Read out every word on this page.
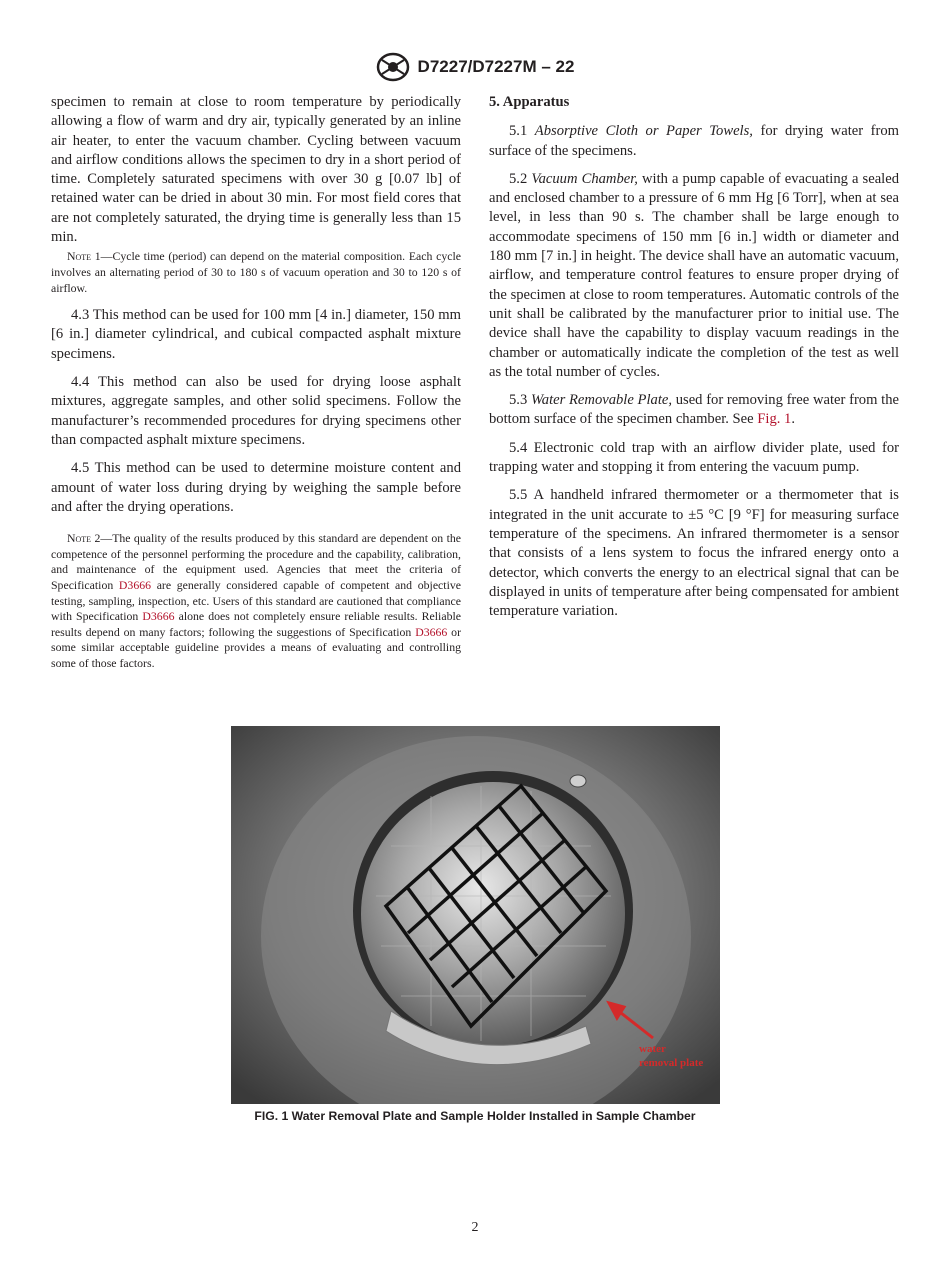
D7227/D7227M – 22

specimen to remain at close to room temperature by periodically allowing a flow of warm and dry air, typically generated by an inline air heater, to enter the vacuum chamber. Cycling between vacuum and airflow conditions allows the specimen to dry in a short period of time. Completely saturated specimens with over 30 g [0.07 lb] of retained water can be dried in about 30 min. For most field cores that are not completely saturated, the drying time is generally less than 15 min.

Note 1—Cycle time (period) can depend on the material composition. Each cycle involves an alternating period of 30 to 180 s of vacuum operation and 30 to 120 s of airflow.

4.3 This method can be used for 100 mm [4 in.] diameter, 150 mm [6 in.] diameter cylindrical, and cubical compacted asphalt mixture specimens.

4.4 This method can also be used for drying loose asphalt mixtures, aggregate samples, and other solid specimens. Follow the manufacturer’s recommended procedures for drying specimens other than compacted asphalt mixture specimens.

4.5 This method can be used to determine moisture content and amount of water loss during drying by weighing the sample before and after the drying operations.

Note 2—The quality of the results produced by this standard are dependent on the competence of the personnel performing the procedure and the capability, calibration, and maintenance of the equipment used. Agencies that meet the criteria of Specification D3666 are generally considered capable of competent and objective testing, sampling, inspection, etc. Users of this standard are cautioned that compliance with Specification D3666 alone does not completely ensure reliable results. Reliable results depend on many factors; following the suggestions of Specification D3666 or some similar acceptable guideline provides a means of evaluating and controlling some of those factors.

5. Apparatus

5.1 Absorptive Cloth or Paper Towels, for drying water from surface of the specimens.

5.2 Vacuum Chamber, with a pump capable of evacuating a sealed and enclosed chamber to a pressure of 6 mm Hg [6 Torr], when at sea level, in less than 90 s. The chamber shall be large enough to accommodate specimens of 150 mm [6 in.] width or diameter and 180 mm [7 in.] in height. The device shall have an automatic vacuum, airflow, and temperature control features to ensure proper drying of the specimen at close to room temperatures. Automatic controls of the unit shall be calibrated by the manufacturer prior to initial use. The device shall have the capability to display vacuum readings in the chamber or automatically indicate the completion of the test as well as the total number of cycles.

5.3 Water Removable Plate, used for removing free water from the bottom surface of the specimen chamber. See Fig. 1.

5.4 Electronic cold trap with an airflow divider plate, used for trapping water and stopping it from entering the vacuum pump.

5.5 A handheld infrared thermometer or a thermometer that is integrated in the unit accurate to ±5 °C [9 °F] for measuring surface temperature of the specimens. An infrared thermometer is a sensor that consists of a lens system to focus the infrared energy onto a detector, which converts the energy to an electrical signal that can be displayed in units of temperature after being compensated for ambient temperature variation.

water
removal plate
FIG. 1 Water Removal Plate and Sample Holder Installed in Sample Chamber
2
